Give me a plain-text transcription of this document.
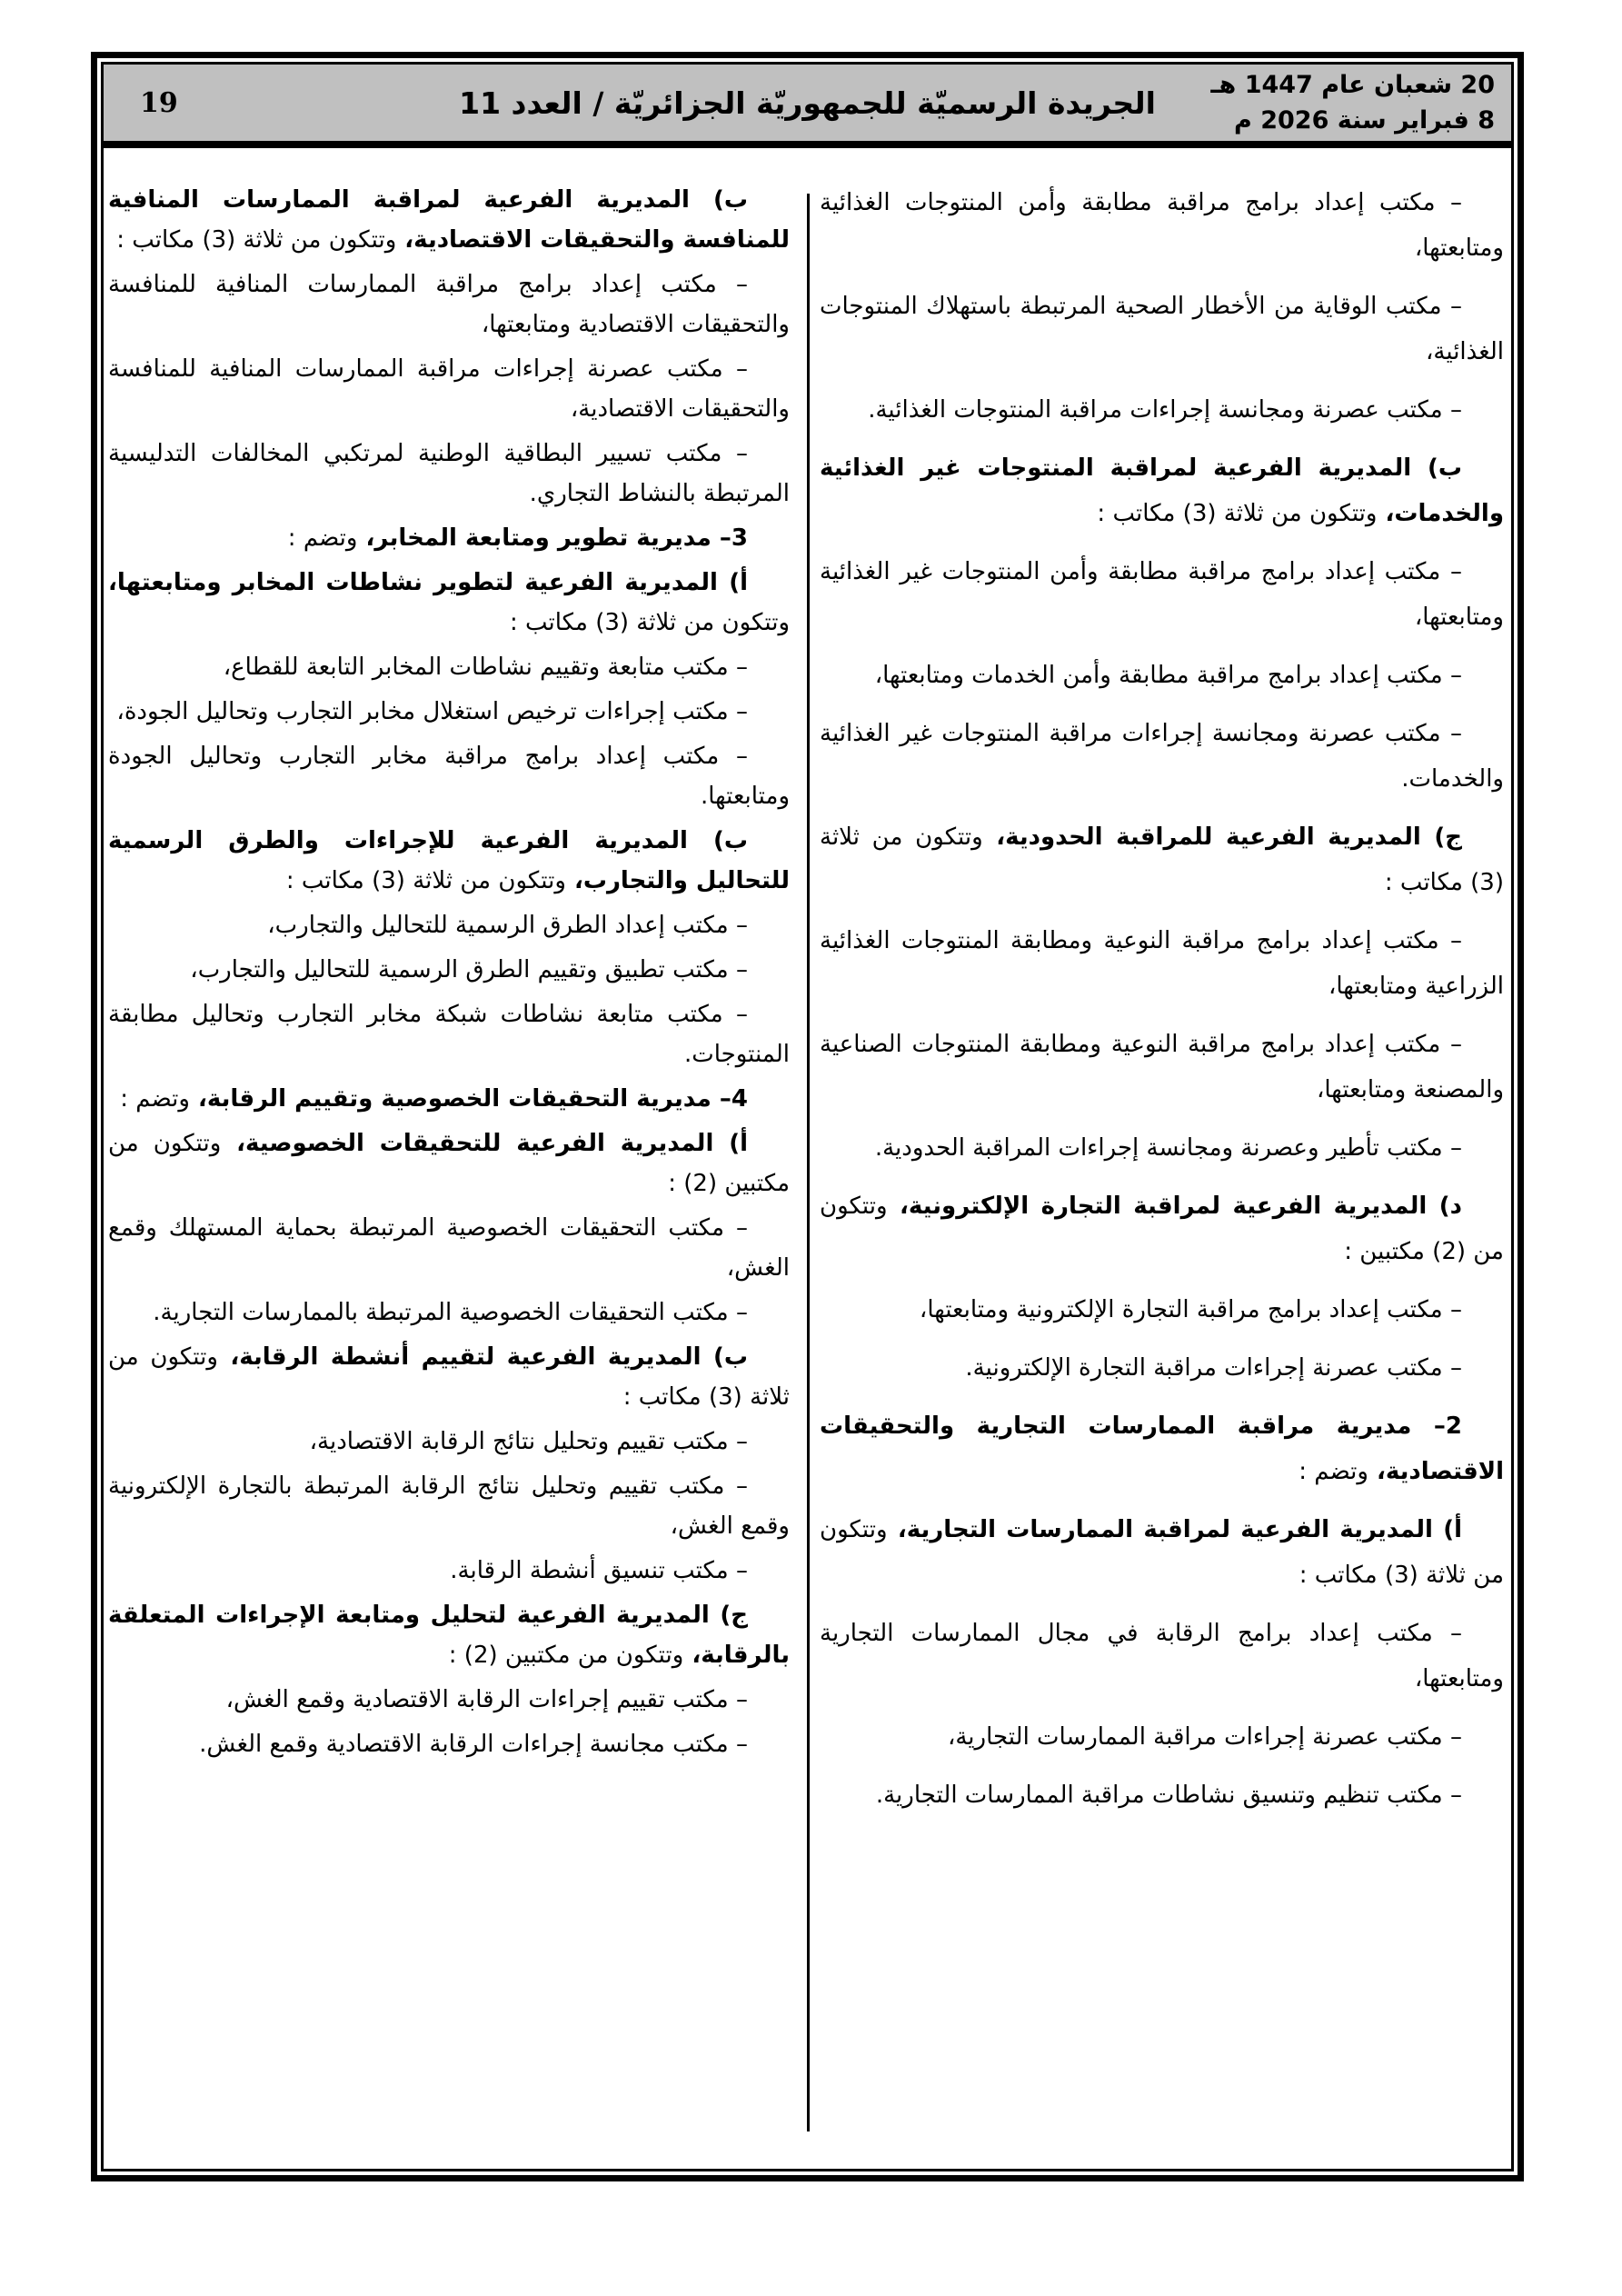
20 شعبان عام 1447 هـ
8 فبراير سنة 2026 م
الجريدة الرسميّة للجمهوريّة الجزائريّة / العدد 11
19

– مكتب إعداد برامج مراقبة مطابقة وأمن المنتوجات الغذائية ومتابعتها،

– مكتب الوقاية من الأخطار الصحية المرتبطة باستهلاك المنتوجات الغذائية،

– مكتب عصرنة ومجانسة إجراءات مراقبة المنتوجات الغذائية.

ب) المديرية الفرعية لمراقبة المنتوجات غير الغذائية والخدمات، وتتكون من ثلاثة (3) مكاتب :

– مكتب إعداد برامج مراقبة مطابقة وأمن المنتوجات غير الغذائية ومتابعتها،

– مكتب إعداد برامج مراقبة مطابقة وأمن الخدمات ومتابعتها،

– مكتب عصرنة ومجانسة إجراءات مراقبة المنتوجات غير الغذائية والخدمات.

ج) المديرية الفرعية للمراقبة الحدودية، وتتكون من ثلاثة (3) مكاتب :

– مكتب إعداد برامج مراقبة النوعية ومطابقة المنتوجات الغذائية الزراعية ومتابعتها،

– مكتب إعداد برامج مراقبة النوعية ومطابقة المنتوجات الصناعية والمصنعة ومتابعتها،

– مكتب تأطير وعصرنة ومجانسة إجراءات المراقبة الحدودية.

د) المديرية الفرعية لمراقبة التجارة الإلكترونية، وتتكون من (2) مكتبين :

– مكتب إعداد برامج مراقبة التجارة الإلكترونية ومتابعتها،

– مكتب عصرنة إجراءات مراقبة التجارة الإلكترونية.

2– مديرية مراقبة الممارسات التجارية والتحقيقات الاقتصادية، وتضم :

أ) المديرية الفرعية لمراقبة الممارسات التجارية، وتتكون من ثلاثة (3) مكاتب :

– مكتب إعداد برامج الرقابة في مجال الممارسات التجارية ومتابعتها،

– مكتب عصرنة إجراءات مراقبة الممارسات التجارية،

– مكتب تنظيم وتنسيق نشاطات مراقبة الممارسات التجارية.

ب) المديرية الفرعية لمراقبة الممارسات المنافية للمنافسة والتحقيقات الاقتصادية، وتتكون من ثلاثة (3) مكاتب :

– مكتب إعداد برامج مراقبة الممارسات المنافية للمنافسة والتحقيقات الاقتصادية ومتابعتها،

– مكتب عصرنة إجراءات مراقبة الممارسات المنافية للمنافسة والتحقيقات الاقتصادية،

– مكتب تسيير البطاقية الوطنية لمرتكبي المخالفات التدليسية المرتبطة بالنشاط التجاري.

3– مديرية تطوير ومتابعة المخابر، وتضم :

أ) المديرية الفرعية لتطوير نشاطات المخابر ومتابعتها، وتتكون من ثلاثة (3) مكاتب :

– مكتب متابعة وتقييم نشاطات المخابر التابعة للقطاع،

– مكتب إجراءات ترخيص استغلال مخابر التجارب وتحاليل الجودة،

– مكتب إعداد برامج مراقبة مخابر التجارب وتحاليل الجودة ومتابعتها.

ب) المديرية الفرعية للإجراءات والطرق الرسمية للتحاليل والتجارب، وتتكون من ثلاثة (3) مكاتب :

– مكتب إعداد الطرق الرسمية للتحاليل والتجارب،

– مكتب تطبيق وتقييم الطرق الرسمية للتحاليل والتجارب،

– مكتب متابعة نشاطات شبكة مخابر التجارب وتحاليل مطابقة المنتوجات.

4– مديرية التحقيقات الخصوصية وتقييم الرقابة، وتضم :

أ) المديرية الفرعية للتحقيقات الخصوصية، وتتكون من مكتبين (2) :

– مكتب التحقيقات الخصوصية المرتبطة بحماية المستهلك وقمع الغش،

– مكتب التحقيقات الخصوصية المرتبطة بالممارسات التجارية.

ب) المديرية الفرعية لتقييم أنشطة الرقابة، وتتكون من ثلاثة (3) مكاتب :

– مكتب تقييم وتحليل نتائج الرقابة الاقتصادية،

– مكتب تقييم وتحليل نتائج الرقابة المرتبطة بالتجارة الإلكترونية وقمع الغش،

– مكتب تنسيق أنشطة الرقابة.

ج) المديرية الفرعية لتحليل ومتابعة الإجراءات المتعلقة بالرقابة، وتتكون من مكتبين (2) :

– مكتب تقييم إجراءات الرقابة الاقتصادية وقمع الغش،

– مكتب مجانسة إجراءات الرقابة الاقتصادية وقمع الغش.
